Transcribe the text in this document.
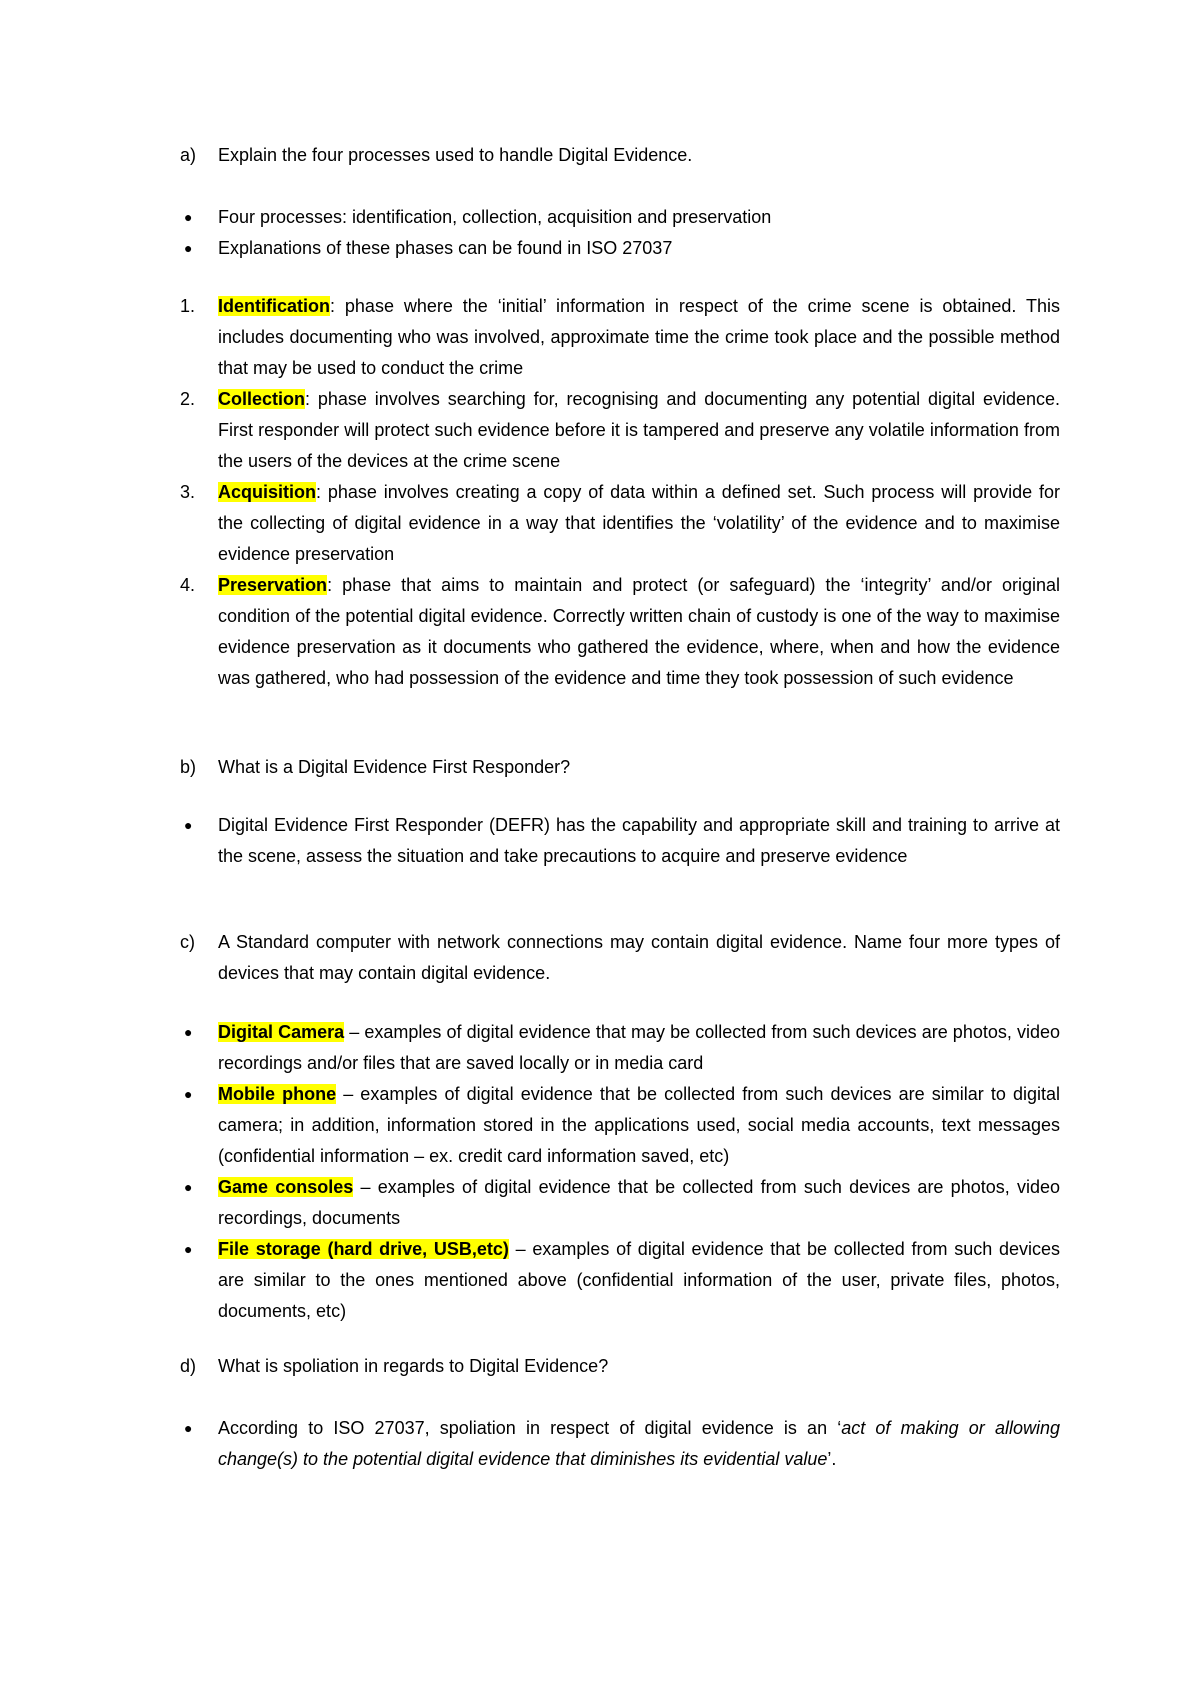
a) Explain the four processes used to handle Digital Evidence.
● Four processes: identification, collection, acquisition and preservation
● Explanations of these phases can be found in ISO 27037
1. Identification: phase where the ‘initial’ information in respect of the crime scene is obtained. This includes documenting who was involved, approximate time the crime took place and the possible method that may be used to conduct the crime
2. Collection: phase involves searching for, recognising and documenting any potential digital evidence. First responder will protect such evidence before it is tampered and preserve any volatile information from the users of the devices at the crime scene
3. Acquisition: phase involves creating a copy of data within a defined set. Such process will provide for the collecting of digital evidence in a way that identifies the ‘volatility’ of the evidence and to maximise evidence preservation
4. Preservation: phase that aims to maintain and protect (or safeguard) the ‘integrity’ and/or original condition of the potential digital evidence. Correctly written chain of custody is one of the way to maximise evidence preservation as it documents who gathered the evidence, where, when and how the evidence was gathered, who had possession of the evidence and time they took possession of such evidence
b) What is a Digital Evidence First Responder?
● Digital Evidence First Responder (DEFR) has the capability and appropriate skill and training to arrive at the scene, assess the situation and take precautions to acquire and preserve evidence
c) A Standard computer with network connections may contain digital evidence. Name four more types of devices that may contain digital evidence.
● Digital Camera – examples of digital evidence that may be collected from such devices are photos, video recordings and/or files that are saved locally or in media card
● Mobile phone – examples of digital evidence that be collected from such devices are similar to digital camera; in addition, information stored in the applications used, social media accounts, text messages (confidential information – ex. credit card information saved, etc)
● Game consoles – examples of digital evidence that be collected from such devices are photos, video recordings, documents
● File storage (hard drive, USB,etc) – examples of digital evidence that be collected from such devices are similar to the ones mentioned above (confidential information of the user, private files, photos, documents, etc)
d) What is spoliation in regards to Digital Evidence?
● According to ISO 27037, spoliation in respect of digital evidence is an ‘act of making or allowing change(s) to the potential digital evidence that diminishes its evidential value’.
